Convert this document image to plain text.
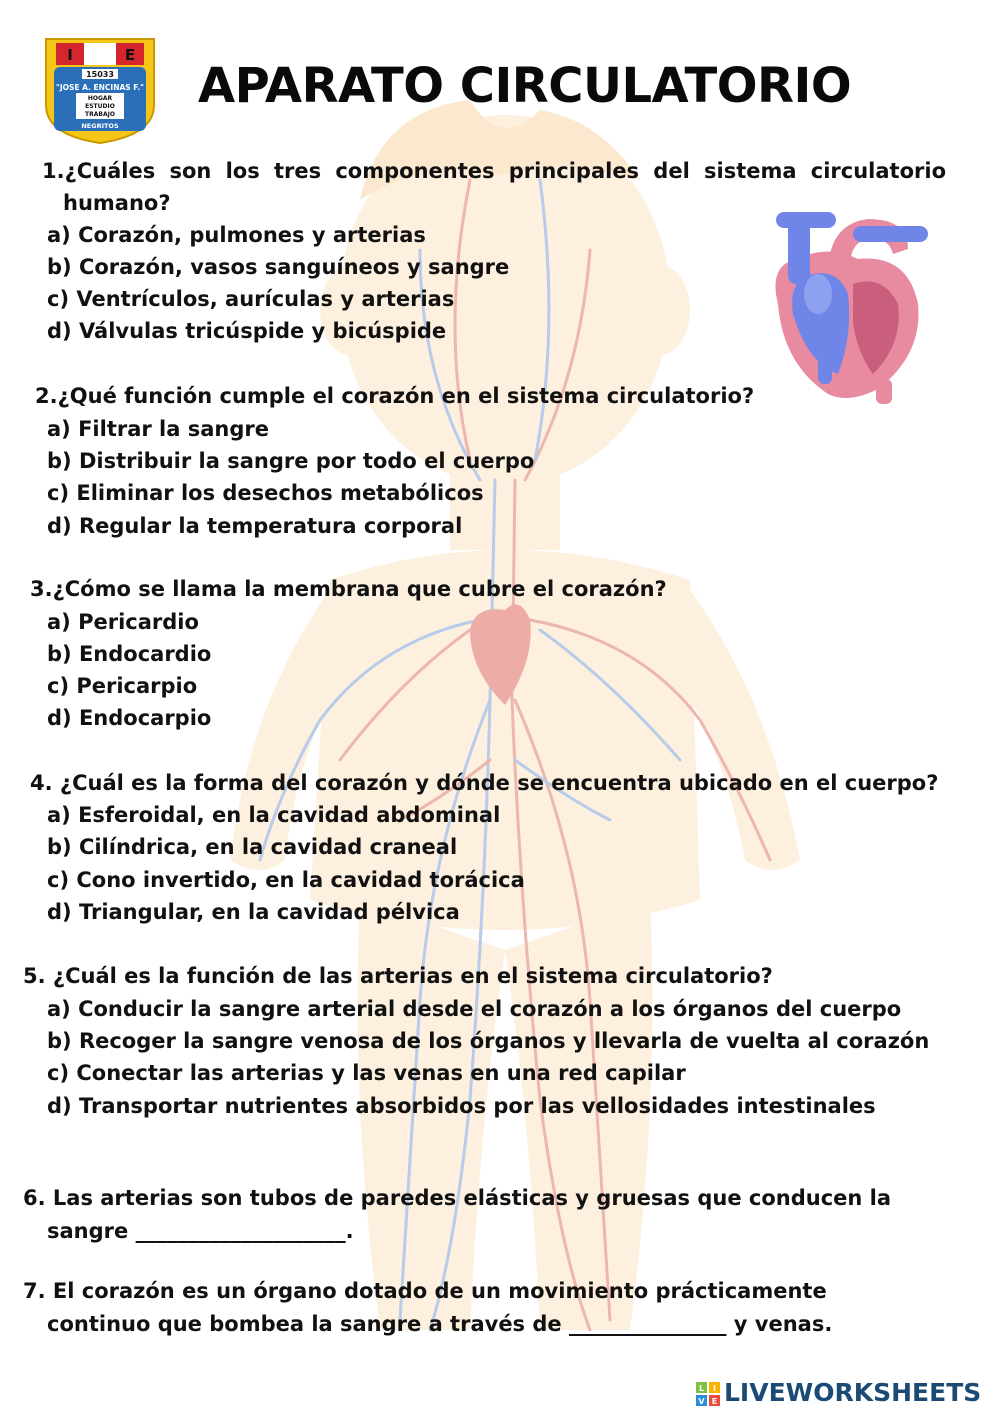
I	E
15033
"JOSE A. ENCINAS F."
HOGAR
ESTUDIO
TRABAJO
NEGRITOS
APARATO CIRCULATORIO
1.¿Cuáles son los tres componentes principales del sistema circulatorio
humano?
a) Corazón, pulmones y arterias
b) Corazón, vasos sanguíneos y sangre
c) Ventrículos, aurículas y arterias
d) Válvulas tricúspide y bicúspide
2.¿Qué función cumple el corazón en el sistema circulatorio?
a) Filtrar la sangre
b) Distribuir la sangre por todo el cuerpo
c) Eliminar los desechos metabólicos
d) Regular la temperatura corporal
3.¿Cómo se llama la membrana que cubre el corazón?
a) Pericardio
b) Endocardio
c) Pericarpio
d) Endocarpio
4. ¿Cuál es la forma del corazón y dónde se encuentra ubicado en el cuerpo?
a) Esferoidal, en la cavidad abdominal
b) Cilíndrica, en la cavidad craneal
c) Cono invertido, en la cavidad torácica
d) Triangular, en la cavidad pélvica
5. ¿Cuál es la función de las arterias en el sistema circulatorio?
a) Conducir la sangre arterial desde el corazón a los órganos del cuerpo
b) Recoger la sangre venosa de los órganos y llevarla de vuelta al corazón
c) Conectar las arterias y las venas en una red capilar
d) Transportar nutrientes absorbidos por las vellosidades intestinales
6. Las arterias son tubos de paredes elásticas y gruesas que conducen la
sangre ____________________.
7. El corazón es un órgano dotado de un movimiento prácticamente
continuo que bombea la sangre a través de _______________ y venas.
L I
V E LIVEWORKSHEETS
